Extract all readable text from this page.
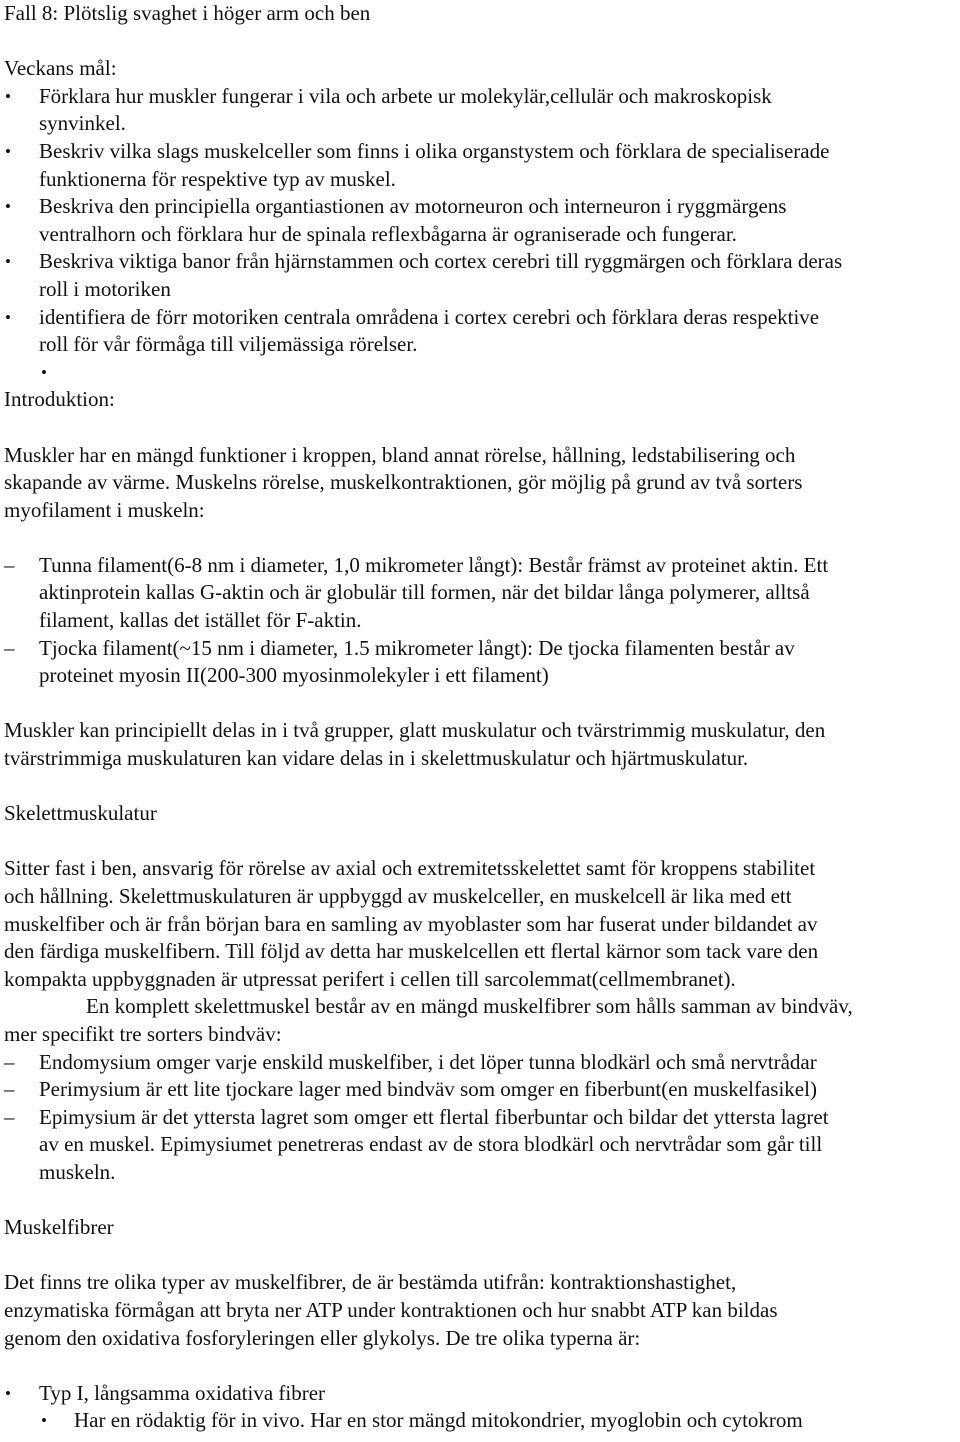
Fall 8: Plötslig svaghet i höger arm och ben

Veckans mål:

•	Förklara hur muskler fungerar i vila och arbete ur molekylär,cellulär och makroskopisk
synvinkel.
•	Beskriv vilka slags muskelceller som finns i olika organstystem och förklara de specialiserade
funktionerna för respektive typ av muskel.
•	Beskriva den principiella organtiastionen av motorneuron och interneuron i ryggmärgens
ventralhorn och förklara hur de spinala reflexbågarna är ograniserade och fungerar.
•	Beskriva viktiga banor från hjärnstammen och cortex cerebri till ryggmärgen och förklara deras
roll i motoriken
•	identifiera de förr motoriken centrala områdena i cortex cerebri och förklara deras respektive
roll för vår förmåga till viljemässiga rörelser.
•

Introduktion:

Muskler har en mängd funktioner i kroppen, bland annat rörelse, hållning, ledstabilisering och
skapande av värme. Muskelns rörelse, muskelkontraktionen, gör möjlig på grund av två sorters
myofilament i muskeln:

–	Tunna filament(6-8 nm i diameter, 1,0 mikrometer långt): Består främst av proteinet aktin. Ett
aktinprotein kallas G-aktin och är globulär till formen, när det bildar långa polymerer, alltså
filament, kallas det istället för F-aktin.
–	Tjocka filament(~15 nm i diameter, 1.5 mikrometer långt): De tjocka filamenten består av
proteinet myosin II(200-300 myosinmolekyler i ett filament)

Muskler kan principiellt delas in i två grupper, glatt muskulatur och tvärstrimmig muskulatur, den
tvärstrimmiga muskulaturen kan vidare delas in i skelettmuskulatur och hjärtmuskulatur.

Skelettmuskulatur

Sitter fast i ben, ansvarig för rörelse av axial och extremitetsskelettet samt för kroppens stabilitet
och hållning. Skelettmuskulaturen är uppbyggd av muskelceller, en muskelcell är lika med ett
muskelfiber och är från början bara en samling av myoblaster som har fuserat under bildandet av
den färdiga muskelfibern. Till följd av detta har muskelcellen ett flertal kärnor som tack vare den
kompakta uppbyggnaden är utpressat perifert i cellen till sarcolemmat(cellmembranet).
En komplett skelettmuskel består av en mängd muskelfibrer som hålls samman av bindväv,
mer specifikt tre sorters bindväv:

–	Endomysium omger varje enskild muskelfiber, i det löper tunna blodkärl och små nervtrådar
–	Perimysium är ett lite tjockare lager med bindväv som omger en fiberbunt(en muskelfasikel)
–	Epimysium är det yttersta lagret som omger ett flertal fiberbuntar och bildar det yttersta lagret
av en muskel. Epimysiumet penetreras endast av de stora blodkärl och nervtrådar som går till
muskeln.

Muskelfibrer

Det finns tre olika typer av muskelfibrer, de är bestämda utifrån: kontraktionshastighet,
enzymatiska förmågan att bryta ner ATP under kontraktionen och hur snabbt ATP kan bildas
genom den oxidativa fosforyleringen eller glykolys. De tre olika typerna är:

•	Typ I, långsamma oxidativa fibrer
•	Har en rödaktig för in vivo. Har en stor mängd mitokondrier, myoglobin och cytokrom
